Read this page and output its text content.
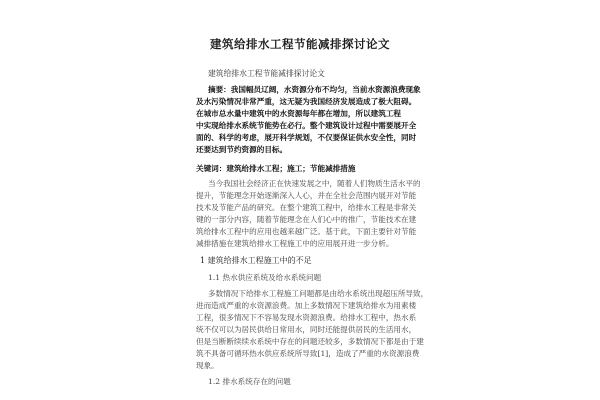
建筑给排水工程节能减排探讨论文
建筑给排水工程节能减排探讨论文
摘要：我国幅员辽阔，水资源分布不均匀，当前水资源浪费现象
及水污染情况非常严重，这无疑为我国经济发展造成了极大阻碍。
在城市总水量中建筑中的水资源每年都在增加，所以建筑工程
中实现给排水系统节能势在必行。整个建筑设计过程中需要展开全
面的、科学的考虑，展开科学规划，不仅要保证供水安全性，同时
还要达到节约资源的目标。
关键词：建筑给排水工程；施工；节能减排措施
当今我国社会经济正在快速发展之中，随着人们物质生活水平的
提升，节能理念开始逐渐深入人心，并在全社会范围内展开对节能
技术及节能产品的研究。在整个建筑工程中，给排水工程是非常关
键的一部分内容，随着节能理念在人们心中的推广，节能技术在建
筑给排水工程中的应用也越来越广泛。基于此，下面主要针对节能
减排措施在建筑给排水工程施工中的应用展开进一步分析。
1 建筑给排水工程施工中的不足
1.1 热水供应系统及给水系统问题
多数情况下给排水工程施工问题都是由给水系统出现超压所导致，
进而造成严重的水资源浪费。加上多数情况下建筑给排水为用素楼
工程，很多情况下不容易发现水资源浪费。给排水工程中，热水系
统不仅可以为居民供给日常用水，同时还能提供居民的生活用水，
但是当断断续续水系统中存在的问题还较多，多数情况下都是由于建
筑不具备可循环热水供应系统所导致[1]，造成了严重的水资源浪费
现象。
1.2 排水系统存在的问题
